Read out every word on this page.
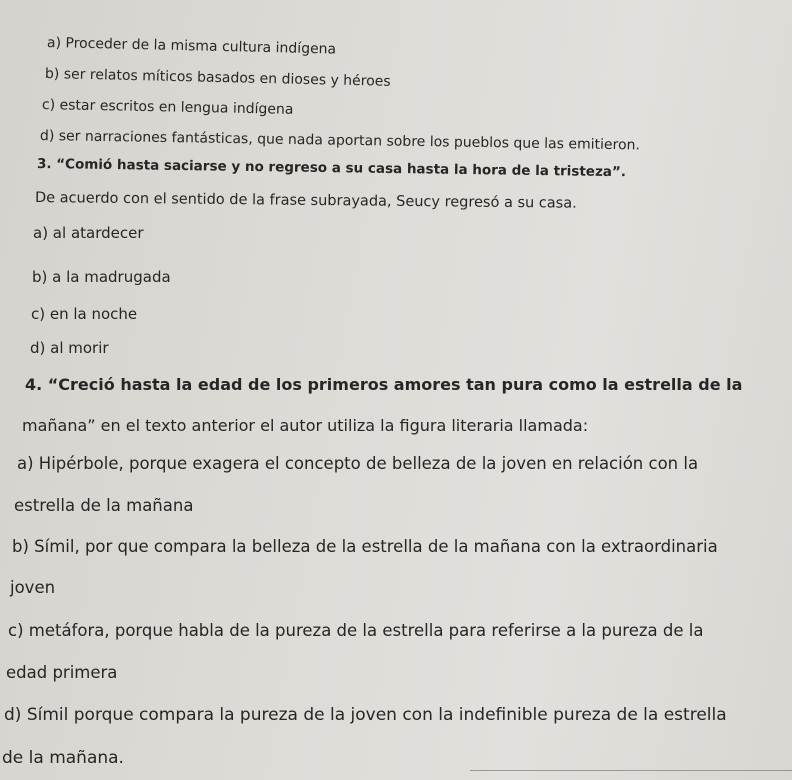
a) Proceder de la misma cultura indígena
b) ser relatos míticos basados en dioses y héroes
c) estar escritos en lengua indígena
d) ser narraciones fantásticas, que nada aportan sobre los pueblos que las emitieron.
3. “Comió hasta saciarse y no regreso a su casa hasta la hora de la tristeza”.
De acuerdo con el sentido de la frase subrayada, Seucy regresó a su casa.
a) al atardecer
b) a la madrugada
c) en la noche
d) al morir
4. “Creció hasta la edad de los primeros amores tan pura como la estrella de la
mañana” en el texto anterior el autor utiliza la figura literaria llamada:
a) Hipérbole, porque exagera el concepto de belleza de la joven en relación con la
estrella de la mañana
b) Símil, por que compara la belleza de la estrella de la mañana con la extraordinaria
joven
c) metáfora, porque habla de la pureza de la estrella para referirse a la pureza de la
edad primera
d) Símil porque compara la pureza de la joven con la indefinible pureza de la estrella
de la mañana.
